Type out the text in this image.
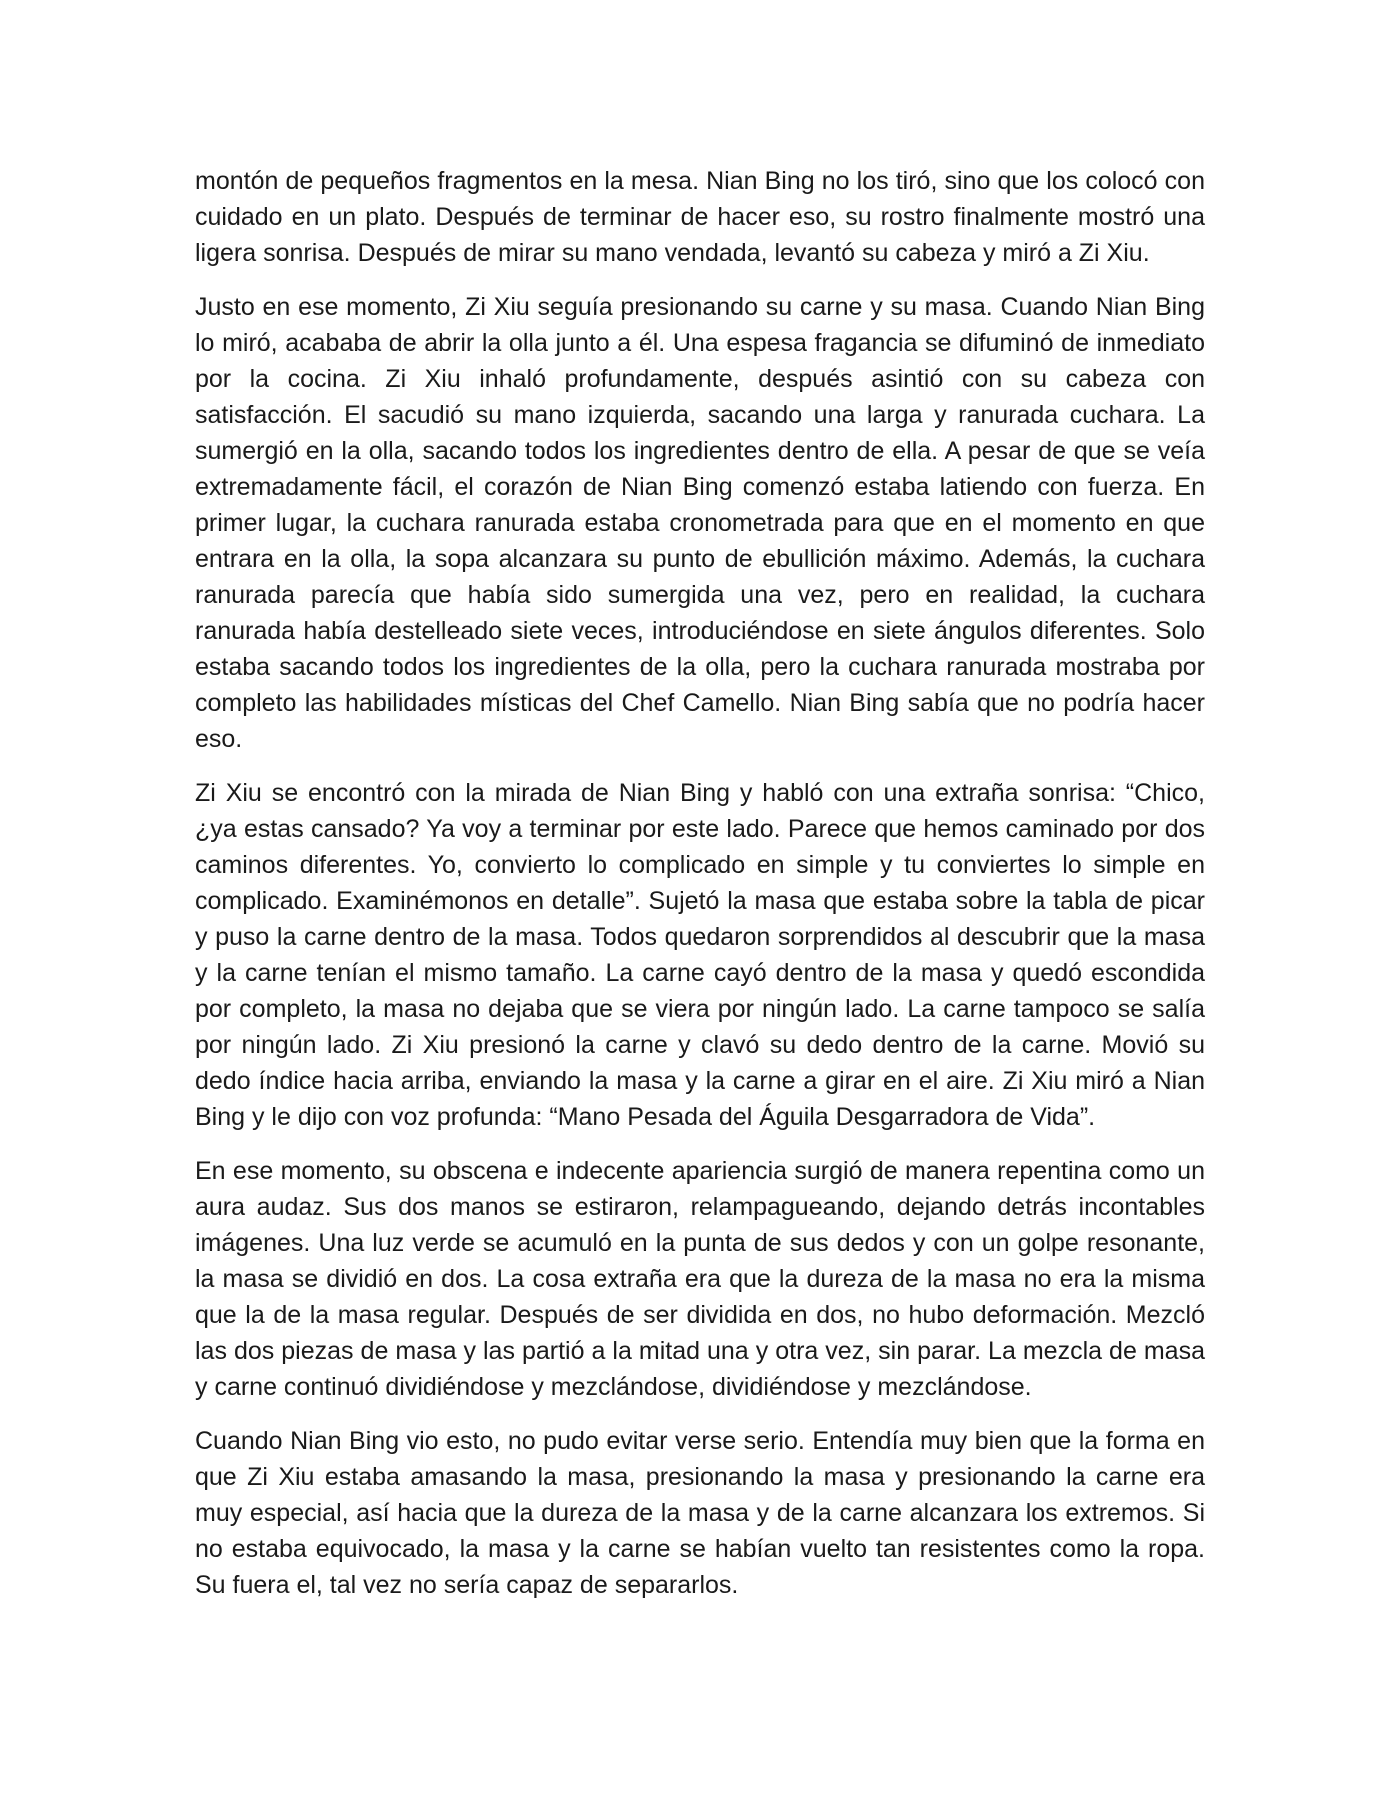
montón de pequeños fragmentos en la mesa. Nian Bing no los tiró, sino que los colocó con cuidado en un plato. Después de terminar de hacer eso, su rostro finalmente mostró una ligera sonrisa. Después de mirar su mano vendada, levantó su cabeza y miró a Zi Xiu.

Justo en ese momento, Zi Xiu seguía presionando su carne y su masa. Cuando Nian Bing lo miró, acababa de abrir la olla junto a él. Una espesa fragancia se difuminó de inmediato por la cocina. Zi Xiu inhaló profundamente, después asintió con su cabeza con satisfacción. El sacudió su mano izquierda, sacando una larga y ranurada cuchara. La sumergió en la olla, sacando todos los ingredientes dentro de ella. A pesar de que se veía extremadamente fácil, el corazón de Nian Bing comenzó estaba latiendo con fuerza. En primer lugar, la cuchara ranurada estaba cronometrada para que en el momento en que entrara en la olla, la sopa alcanzara su punto de ebullición máximo. Además, la cuchara ranurada parecía que había sido sumergida una vez, pero en realidad, la cuchara ranurada había destelleado siete veces, introduciéndose en siete ángulos diferentes. Solo estaba sacando todos los ingredientes de la olla, pero la cuchara ranurada mostraba por completo las habilidades místicas del Chef Camello. Nian Bing sabía que no podría hacer eso.

Zi Xiu se encontró con la mirada de Nian Bing y habló con una extraña sonrisa: “Chico, ¿ya estas cansado? Ya voy a terminar por este lado. Parece que hemos caminado por dos caminos diferentes. Yo, convierto lo complicado en simple y tu conviertes lo simple en complicado. Examinémonos en detalle”. Sujetó la masa que estaba sobre la tabla de picar y puso la carne dentro de la masa. Todos quedaron sorprendidos al descubrir que la masa y la carne tenían el mismo tamaño. La carne cayó dentro de la masa y quedó escondida por completo, la masa no dejaba que se viera por ningún lado. La carne tampoco se salía por ningún lado. Zi Xiu presionó la carne y clavó su dedo dentro de la carne. Movió su dedo índice hacia arriba, enviando la masa y la carne a girar en el aire. Zi Xiu miró a Nian Bing y le dijo con voz profunda: “Mano Pesada del Águila Desgarradora de Vida”.

En ese momento, su obscena e indecente apariencia surgió de manera repentina como un aura audaz. Sus dos manos se estiraron, relampagueando, dejando detrás incontables imágenes. Una luz verde se acumuló en la punta de sus dedos y con un golpe resonante, la masa se dividió en dos. La cosa extraña era que la dureza de la masa no era la misma que la de la masa regular. Después de ser dividida en dos, no hubo deformación. Mezcló las dos piezas de masa y las partió a la mitad una y otra vez, sin parar. La mezcla de masa y carne continuó dividiéndose y mezclándose, dividiéndose y mezclándose.

Cuando Nian Bing vio esto, no pudo evitar verse serio. Entendía muy bien que la forma en que Zi Xiu estaba amasando la masa, presionando la masa y presionando la carne era muy especial, así hacia que la dureza de la masa y de la carne alcanzara los extremos. Si no estaba equivocado, la masa y la carne se habían vuelto tan resistentes como la ropa. Su fuera el, tal vez no sería capaz de separarlos.
